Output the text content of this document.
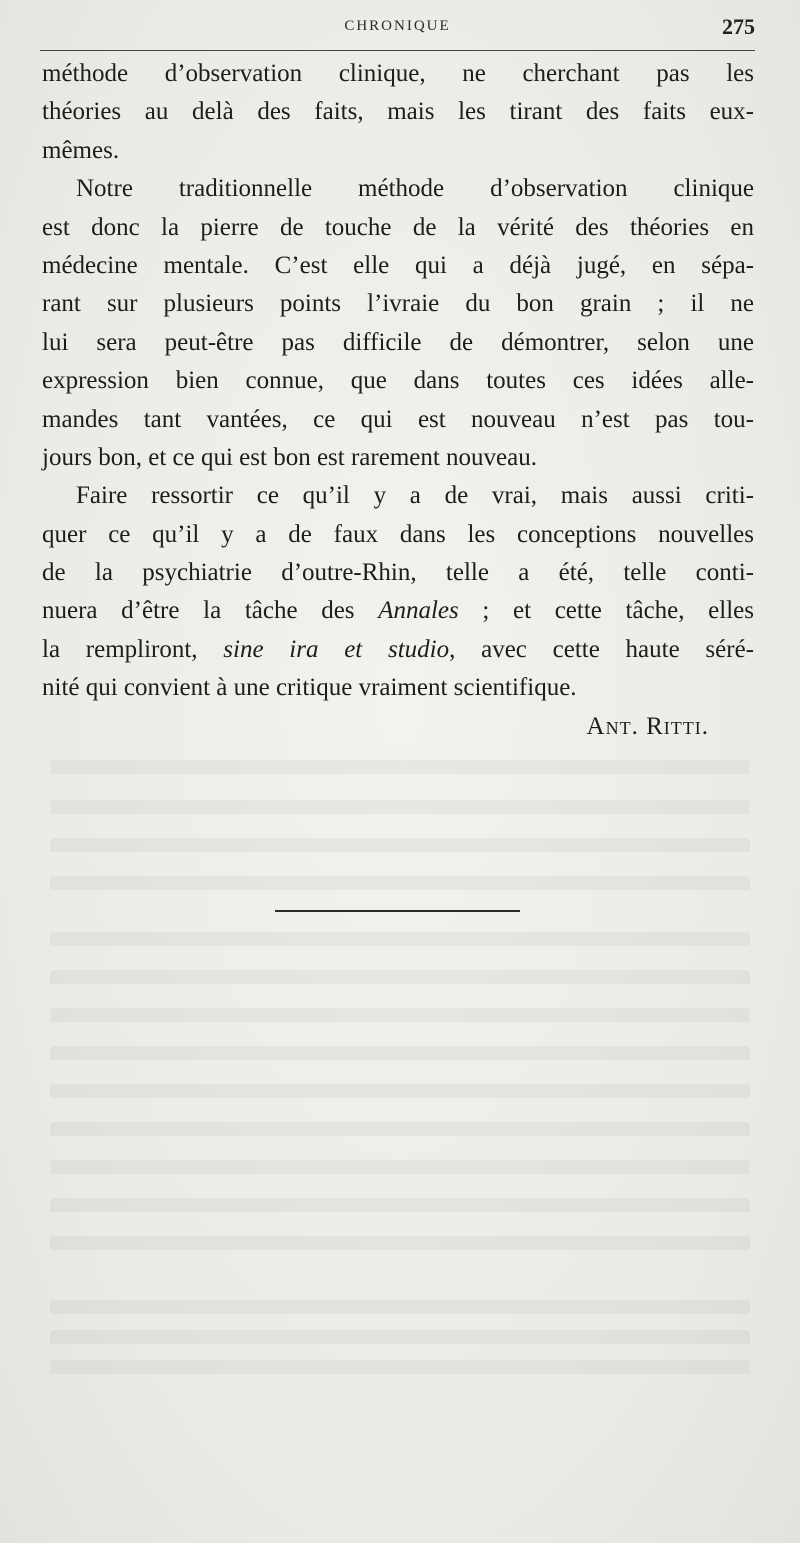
CHRONIQUE	275
méthode d’observation clinique, ne cherchant pas les
théories au delà des faits, mais les tirant des faits eux-
mêmes.
Notre traditionnelle méthode d’observation clinique
est donc la pierre de touche de la vérité des théories en
médecine mentale. C’est elle qui a déjà jugé, en sépa-
rant sur plusieurs points l’ivraie du bon grain ; il ne
lui sera peut-être pas difficile de démontrer, selon une
expression bien connue, que dans toutes ces idées alle-
mandes tant vantées, ce qui est nouveau n’est pas tou-
jours bon, et ce qui est bon est rarement nouveau.
Faire ressortir ce qu’il y a de vrai, mais aussi criti-
quer ce qu’il y a de faux dans les conceptions nouvelles
de la psychiatrie d’outre-Rhin, telle a été, telle conti-
nuera d’être la tâche des Annales ; et cette tâche, elles
la rempliront, sine ira et studio, avec cette haute séré-
nité qui convient à une critique vraiment scientifique.
Ant. Ritti.
